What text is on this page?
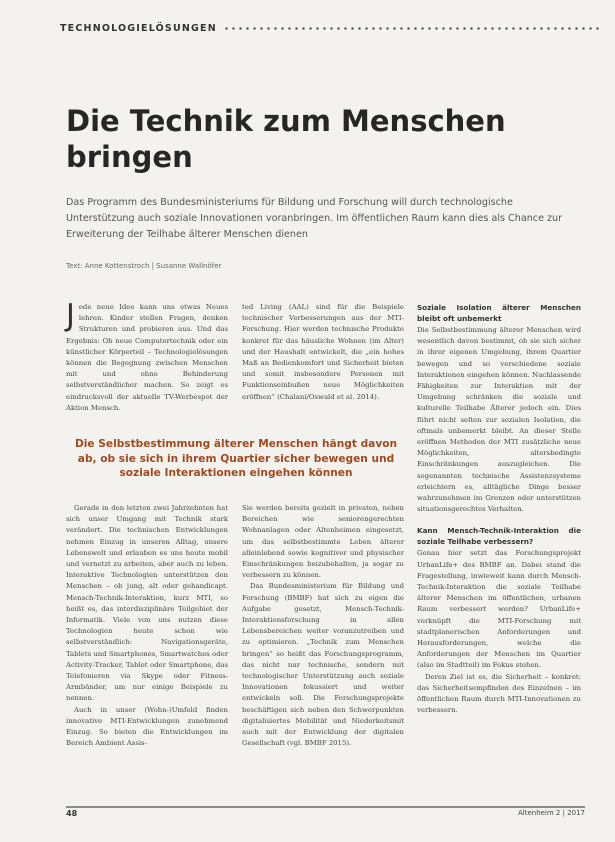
TECHNOLOGIELÖSUNGEN
Die Technik zum Menschen bringen

Das Programm des Bundesministeriums für Bildung und Forschung will durch technologische Unterstützung auch soziale Innovationen voranbringen. Im öffentlichen Raum kann dies als Chance zur Erweiterung der Teilhabe älterer Menschen dienen

Text: Anne Kottenstroch | Susanne Wallnöfer

Jede neue Idee kann uns etwas Neues lehren. Kinder stellen Fragen, denken Strukturen und probieren aus. Und das Ergebnis: Ob neue Computertechnik oder ein künstlicher Körperteil – Technologielösungen können die Begegnung zwischen Menschen mit und ohne Behinderung selbstverständlicher machen. So zeigt es eindrucksvoll der aktuelle TV-Werbespot der Aktion Mensch.

ted Living (AAL) sind für die Beispiele technischer Verbesserungen aus der MTI-Forschung. Hier werden technische Produkte konkret für das häusliche Wohnen (im Alter) und der Haushalt entwickelt, die „ein hohes Maß an Bedienkomfort und Sicherheit bieten und somit insbesondere Personen mit Funktionseinbußen neue Möglichkeiten eröffnen“ (Chalani/Oswald et al. 2014).

Die Selbstbestimmung älterer Menschen hängt davon ab, ob sie sich in ihrem Quartier sicher bewegen und soziale Interaktionen eingehen können

Gerade in den letzten zwei Jahrzehnten hat sich unser Umgang mit Technik stark verändert. Die technischen Entwicklungen nehmen Einzug in unseren Alltag, unsere Lebenswelt und erlauben es uns heute mobil und vernetzt zu arbeiten, aber auch zu leben. Interaktive Technologien unterstützen den Menschen – ob jung, alt oder gehandicapt. Mensch-Technik-Interaktion, kurz MTI, so heißt es, das interdisziplinäre Teilgebiet der Informatik. Viele von uns nutzen diese Technologien heute schon wie selbstverständlich: Navigationsgeräte, Tablets und Smartphones, Smartwatches oder Activity-Tracker, Tablet oder Smartphone, das Telefonieren via Skype oder Fitness-Armbänder, um nur einige Beispiele zu nennen.

Auch in unser (Wohn-)Umfeld finden innovative MTI-Entwicklungen zunehmend Einzug. So bieten die Entwicklungen im Bereich Ambient Assis-

Sie werden bereits gezielt in privaten, neben Bereichen wie seniorengerechten Wohnanlagen oder Altenheimen eingesetzt, um das selbstbestimmte Leben älterer alleinlebend sowie kognitiver und physischer Einschränkungen beizubehalten, ja sogar zu verbessern zu können.

Das Bundesministerium für Bildung und Forschung (BMBF) hat sich zu eigen die Aufgabe gesetzt, Mensch-Technik-Interaktionsforschung in allen Lebensbereichen weiter voranzutreiben und zu optimieren. „Technik zum Menschen bringen“ so heißt das Forschungsprogramm, das nicht nur technische, sondern mit technologischer Unterstützung auch soziale Innovationen fokussiert und weiter entwickeln soll. Die Forschungsprojekte beschäftigen sich neben den Schwerpunkten digitalisiertes Mobilität und Niederkeitsmit auch mit der Entwicklung der digitalen Gesellschaft (vgl. BMBF 2015).

Soziale Isolation älterer Menschen bleibt oft unbemerkt

Die Selbstbestimmung älterer Menschen wird wesentlich davon bestimmt, ob sie sich sicher in ihrer eigenen Umgebung, ihrem Quartier bewegen und so verschiedene soziale Interaktionen eingehen können. Nachlassende Fähigkeiten zur Interaktion mit der Umgebung schränken die soziale und kulturelle Teilhabe Älterer jedoch ein. Dies führt nicht selten zur sozialen Isolation, die oftmals unbemerkt bleibt. An dieser Stelle eröffnen Methoden der MTI zusätzliche neue Möglichkeiten, altersbedingte Einschränkungen auszugleichen. Die sogenannten technische Assistenzsysteme erleichtern es, alltägliche Dinge besser wahrzunehmen im Grenzen oder unterstützen situationsgerechtes Verhalten.

Kann Mensch-Technik-Interaktion die soziale Teilhabe verbessern?

Genau hier setzt das Forschungsprojekt UrbanLife+ des BMBF an. Dabei stand die Fragestellung, inwieweit kann durch Mensch-Technik-Interaktion die soziale Teilhabe älterer Menschen im öffentlichen, urbanen Raum verbessert werden? UrbanLife+ verknüpft die MTI-Forschung mit stadtplanerischen Anforderungen und Herausforderungen, welche die Anforderungen der Menschen im Quartier (also im Stadtteil) im Fokus stehen.

Deren Ziel ist es, die Sicherheit – konkret: das Sicherheitsempfinden des Einzelnen – im öffentlichen Raum durch MTI-Innovationen zu verbessern.

48	Altenheim 2 | 2017
